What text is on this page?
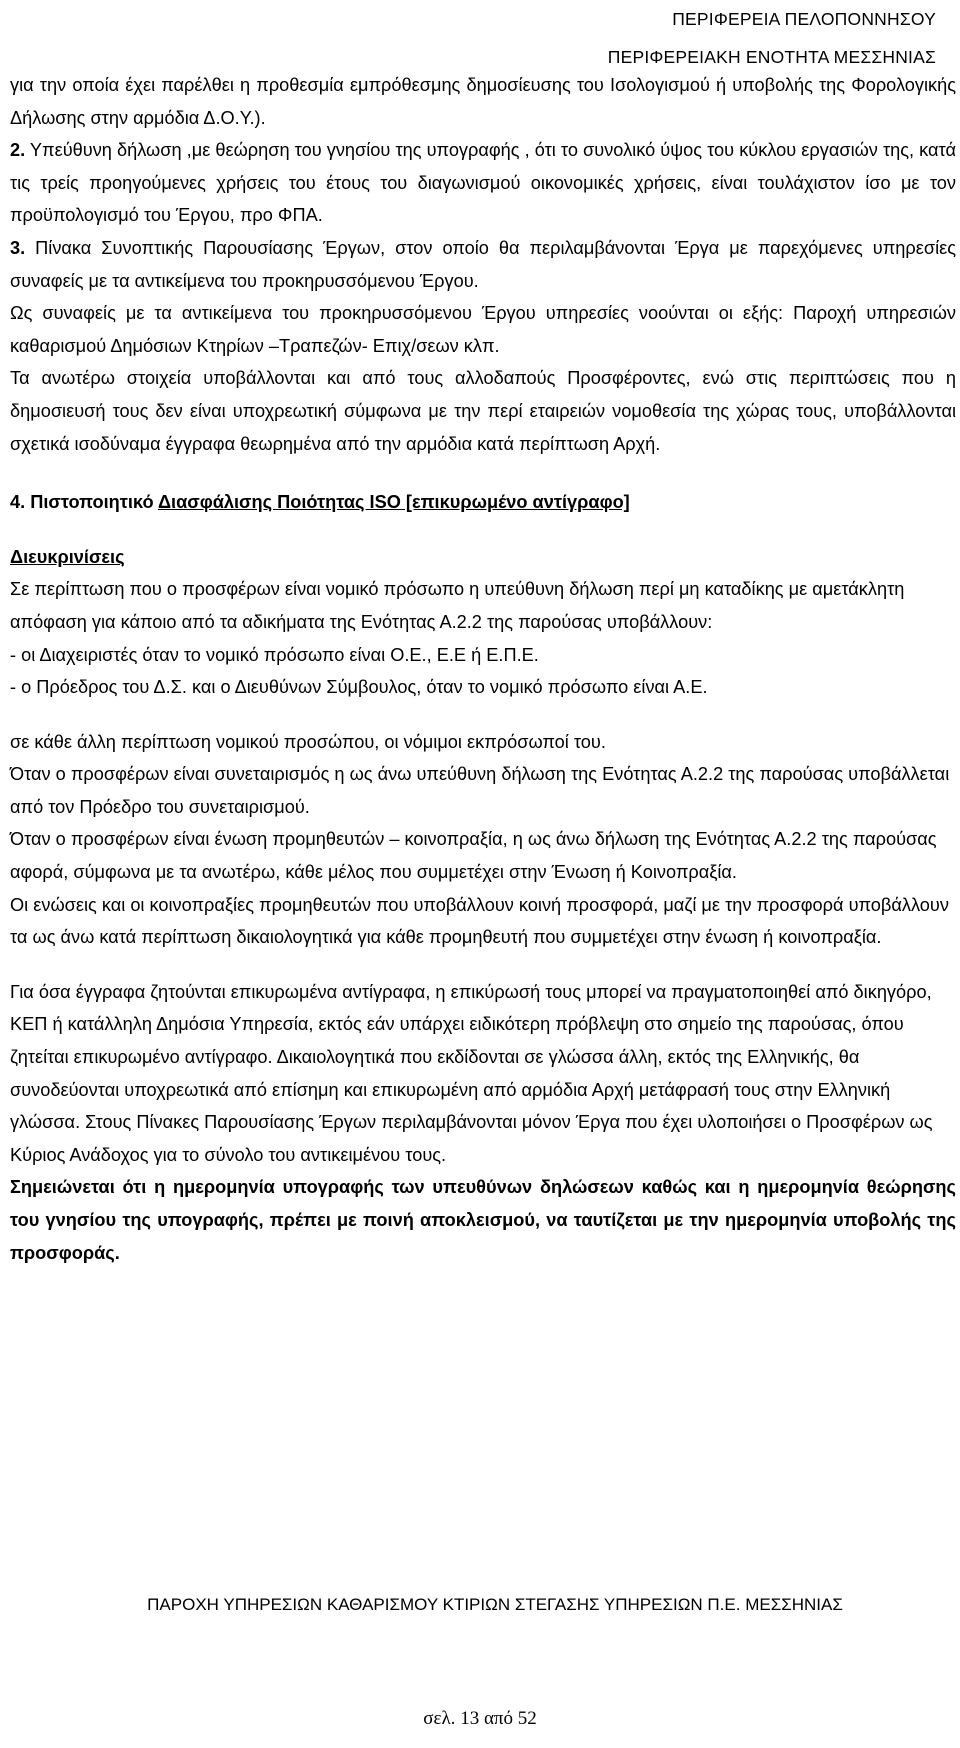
ΠΕΡΙΦΕΡΕΙΑ ΠΕΛΟΠΟΝΝΗΣΟΥ
ΠΕΡΙΦΕΡΕΙΑΚΗ ΕΝΟΤΗΤΑ ΜΕΣΣΗΝΙΑΣ

για την οποία έχει παρέλθει η προθεσμία εμπρόθεσμης δημοσίευσης του Ισολογισμού ή υποβολής της Φορολογικής Δήλωσης στην αρμόδια Δ.Ο.Υ.).

2. Υπεύθυνη δήλωση ,με θεώρηση του γνησίου της υπογραφής , ότι το συνολικό ύψος του κύκλου εργασιών της, κατά τις τρείς προηγούμενες χρήσεις του έτους του διαγωνισμού οικονομικές χρήσεις, είναι τουλάχιστον ίσο με τον προϋπολογισμό του Έργου, προ ΦΠΑ.

3. Πίνακα Συνοπτικής Παρουσίασης Έργων, στον οποίο θα περιλαμβάνονται Έργα με παρεχόμενες υπηρεσίες συναφείς με τα αντικείμενα του προκηρυσσόμενου Έργου.

Ως συναφείς με τα αντικείμενα του προκηρυσσόμενου Έργου υπηρεσίες νοούνται οι εξής: Παροχή υπηρεσιών καθαρισμού Δημόσιων Κτηρίων –Τραπεζών- Επιχ/σεων κλπ.

Τα ανωτέρω στοιχεία υποβάλλονται και από τους αλλοδαπούς Προσφέροντες, ενώ στις περιπτώσεις που η δημοσιευσή τους δεν είναι υποχρεωτική σύμφωνα με την περί εταιρειών νομοθεσία της χώρας τους, υποβάλλονται σχετικά ισοδύναμα έγγραφα θεωρημένα από την αρμόδια κατά περίπτωση Αρχή.

4. Πιστοποιητικό Διασφάλισης Ποιότητας ISO [επικυρωμένο αντίγραφο]

Διευκρινίσεις

Σε περίπτωση που ο προσφέρων είναι νομικό πρόσωπο η υπεύθυνη δήλωση περί μη καταδίκης με αμετάκλητη απόφαση για κάποιο από τα αδικήματα της Ενότητας Α.2.2 της παρούσας υποβάλλουν:

- οι Διαχειριστές όταν το νομικό πρόσωπο είναι Ο.Ε., Ε.Ε ή Ε.Π.Ε.

- ο Πρόεδρος του Δ.Σ. και ο Διευθύνων Σύμβουλος, όταν το νομικό πρόσωπο είναι Α.Ε.

σε κάθε άλλη περίπτωση νομικού προσώπου, οι νόμιμοι εκπρόσωποί του.

Όταν ο προσφέρων είναι συνεταιρισμός η ως άνω υπεύθυνη δήλωση της Ενότητας Α.2.2 της παρούσας υποβάλλεται από τον Πρόεδρο του συνεταιρισμού.

Όταν ο προσφέρων είναι ένωση προμηθευτών – κοινοπραξία, η ως άνω δήλωση της Ενότητας Α.2.2 της παρούσας αφορά, σύμφωνα με τα ανωτέρω, κάθε μέλος που συμμετέχει στην Ένωση ή Κοινοπραξία.

Οι ενώσεις και οι κοινοπραξίες προμηθευτών που υποβάλλουν κοινή προσφορά, μαζί με την προσφορά υποβάλλουν τα ως άνω κατά περίπτωση δικαιολογητικά για κάθε προμηθευτή που συμμετέχει στην ένωση ή κοινοπραξία.

Για όσα έγγραφα ζητούνται επικυρωμένα αντίγραφα, η επικύρωσή τους μπορεί να πραγματοποιηθεί από δικηγόρο, ΚΕΠ ή κατάλληλη Δημόσια Υπηρεσία, εκτός εάν υπάρχει ειδικότερη πρόβλεψη στο σημείο της παρούσας, όπου ζητείται επικυρωμένο αντίγραφο. Δικαιολογητικά που εκδίδονται σε γλώσσα άλλη, εκτός της Ελληνικής, θα συνοδεύονται υποχρεωτικά από επίσημη και επικυρωμένη από αρμόδια Αρχή μετάφρασή τους στην Ελληνική γλώσσα. Στους Πίνακες Παρουσίασης Έργων περιλαμβάνονται μόνον Έργα που έχει υλοποιήσει ο Προσφέρων ως Κύριος Ανάδοχος για το σύνολο του αντικειμένου τους.

Σημειώνεται ότι η ημερομηνία υπογραφής των υπευθύνων δηλώσεων καθώς και η ημερομηνία θεώρησης του γνησίου της υπογραφής, πρέπει με ποινή αποκλεισμού, να ταυτίζεται με την ημερομηνία υποβολής της προσφοράς.

ΠΑΡΟΧΗ ΥΠΗΡΕΣΙΩΝ ΚΑΘΑΡΙΣΜΟΥ ΚΤΙΡΙΩΝ ΣΤΕΓΑΣΗΣ ΥΠΗΡΕΣΙΩΝ Π.Ε. ΜΕΣΣΗΝΙΑΣ
σελ. 13 από 52
